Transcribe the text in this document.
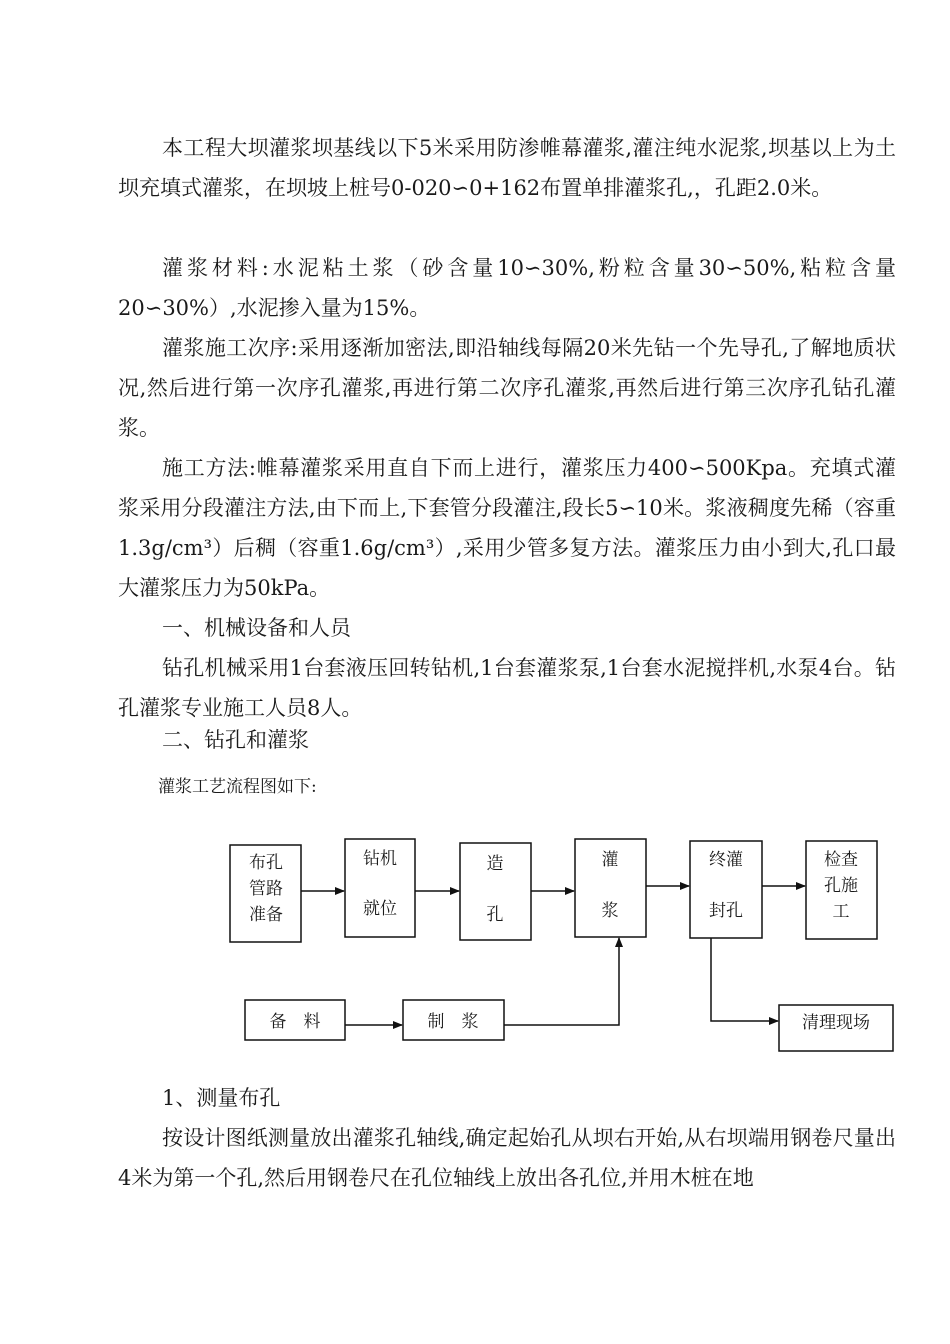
本工程大坝灌浆坝基线以下5米采用防渗帷幕灌浆,灌注纯水泥浆,坝基以上为土坝充填式灌浆，在坝坡上桩号0-020∽0+162布置单排灌浆孔,，孔距2.0米。

灌浆材料:水泥粘土浆（砂含量10∽30%,粉粒含量30∽50%,粘粒含量20∽30%）,水泥掺入量为15%。

灌浆施工次序:采用逐渐加密法,即沿轴线每隔20米先钻一个先导孔,了解地质状况,然后进行第一次序孔灌浆,再进行第二次序孔灌浆,再然后进行第三次序孔钻孔灌浆。

施工方法:帷幕灌浆采用直自下而上进行，灌浆压力400∽500Kpa。充填式灌浆采用分段灌注方法,由下而上,下套管分段灌注,段长5∽10米。浆液稠度先稀（容重1.3g/cm³）后稠（容重1.6g/cm³）,采用少管多复方法。灌浆压力由小到大,孔口最大灌浆压力为50kPa。

一、机械设备和人员

钻孔机械采用1台套液压回转钻机,1台套灌浆泵,1台套水泥搅拌机,水泵4台。钻孔灌浆专业施工人员8人。

二、钻孔和灌浆

灌浆工艺流程图如下:

布孔
管路
准备
钻机
就位
造
孔
灌
浆
终灌
封孔
检查
孔施
工
备　料	制　浆	清理现场

1、测量布孔

按设计图纸测量放出灌浆孔轴线,确定起始孔从坝右开始,从右坝端用钢卷尺量出4米为第一个孔,然后用钢卷尺在孔位轴线上放出各孔位,并用木桩在地
